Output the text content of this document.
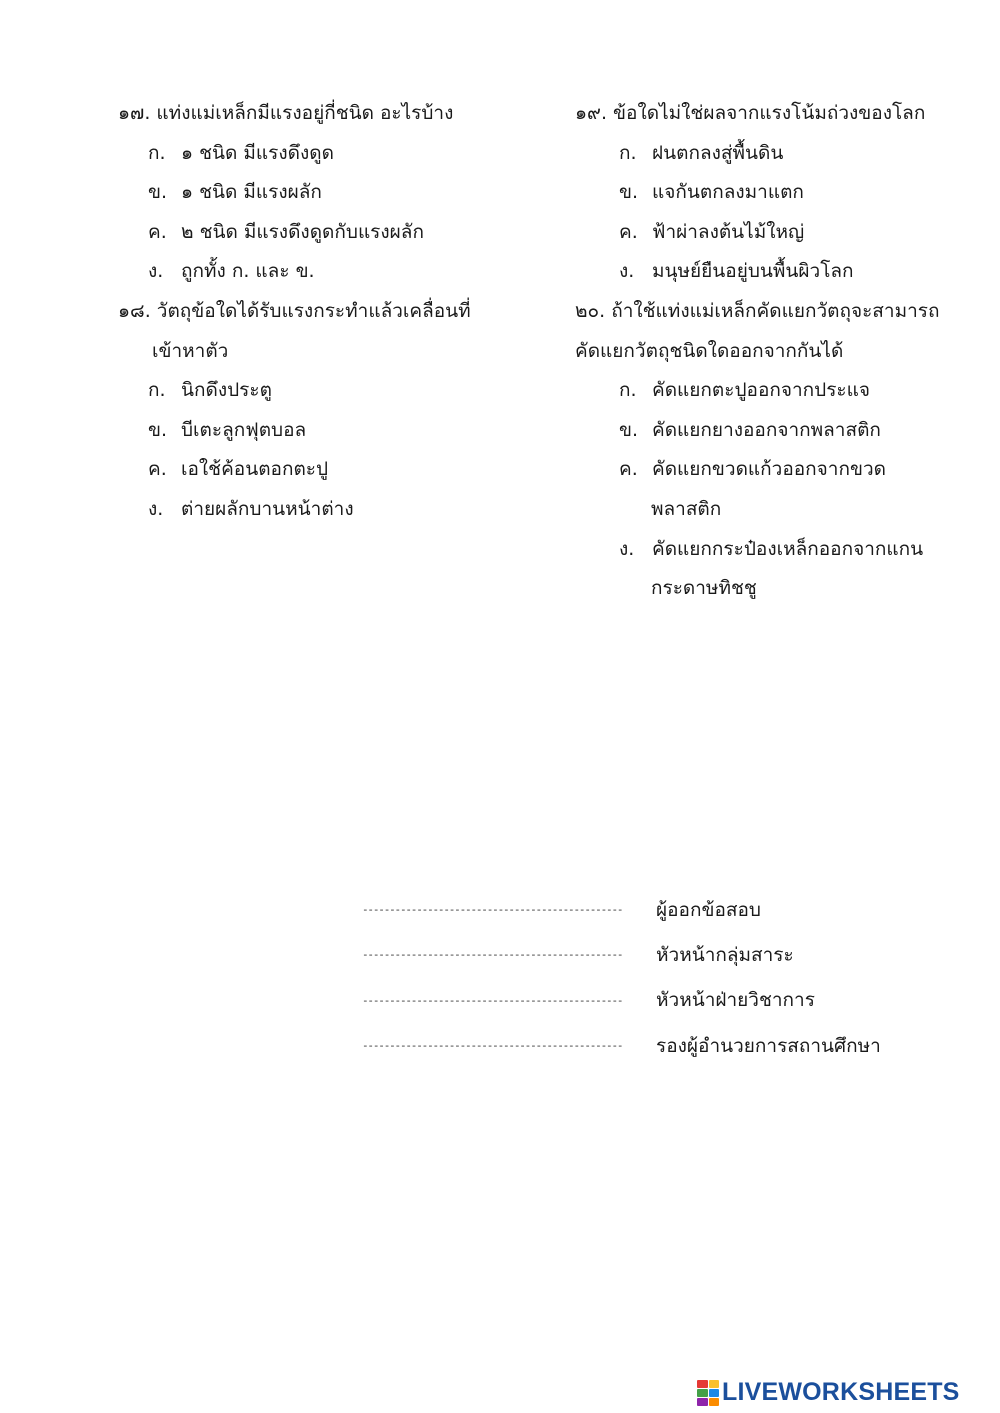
๑๗. แท่งแม่เหล็กมีแรงอยู่กี่ชนิด อะไรบ้าง
ก. ๑ ชนิด มีแรงดึงดูด
ข. ๑ ชนิด มีแรงผลัก
ค. ๒ ชนิด มีแรงดึงดูดกับแรงผลัก
ง. ถูกทั้ง ก. และ ข.
๑๘. วัตถุข้อใดได้รับแรงกระทำแล้วเคลื่อนที่
เข้าหาตัว
ก. นิกดึงประตู
ข. บีเตะลูกฟุตบอล
ค. เอใช้ค้อนตอกตะปู
ง. ต่ายผลักบานหน้าต่าง
๑๙. ข้อใดไม่ใช่ผลจากแรงโน้มถ่วงของโลก
ก. ฝนตกลงสู่พื้นดิน
ข. แจกันตกลงมาแตก
ค. ฟ้าผ่าลงต้นไม้ใหญ่
ง. มนุษย์ยืนอยู่บนพื้นผิวโลก
๒๐. ถ้าใช้แท่งแม่เหล็กคัดแยกวัตถุจะสามารถ
คัดแยกวัตถุชนิดใดออกจากกันได้
ก. คัดแยกตะปูออกจากประแจ
ข. คัดแยกยางออกจากพลาสติก
ค. คัดแยกขวดแก้วออกจากขวด
พลาสติก
ง. คัดแยกกระป๋องเหล็กออกจากแกน
กระดาษทิชชู
------------------------------------------------	ผู้ออกข้อสอบ
------------------------------------------------	หัวหน้ากลุ่มสาระ
------------------------------------------------	หัวหน้าฝ่ายวิชาการ
------------------------------------------------	รองผู้อำนวยการสถานศึกษา
LIVEWORKSHEETS
